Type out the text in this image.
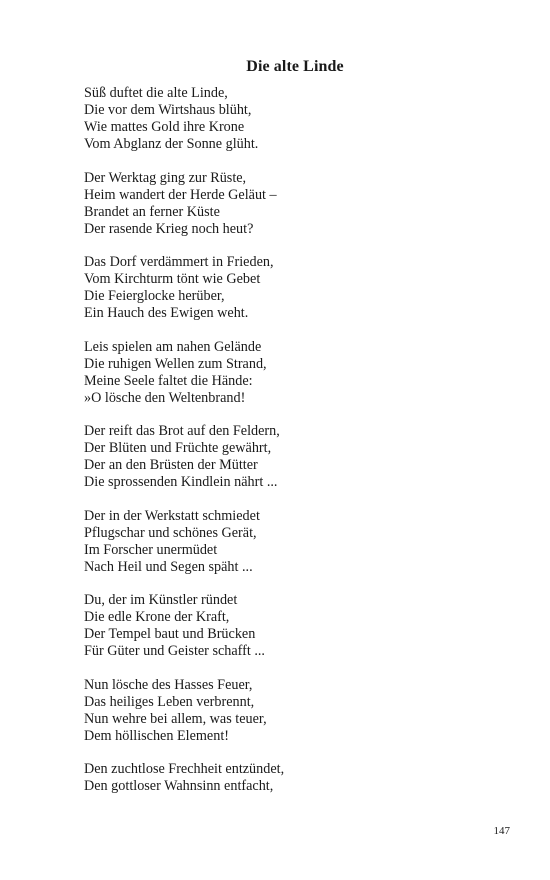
Die alte Linde
Süß duftet die alte Linde,
Die vor dem Wirtshaus blüht,
Wie mattes Gold ihre Krone
Vom Abglanz der Sonne glüht.
Der Werktag ging zur Rüste,
Heim wandert der Herde Geläut –
Brandet an ferner Küste
Der rasende Krieg noch heut?
Das Dorf verdämmert in Frieden,
Vom Kirchturm tönt wie Gebet
Die Feierglocke herüber,
Ein Hauch des Ewigen weht.
Leis spielen am nahen Gelände
Die ruhigen Wellen zum Strand,
Meine Seele faltet die Hände:
»O lösche den Weltenbrand!
Der reift das Brot auf den Feldern,
Der Blüten und Früchte gewährt,
Der an den Brüsten der Mütter
Die sprossenden Kindlein nährt ...
Der in der Werkstatt schmiedet
Pflugschar und schönes Gerät,
Im Forscher unermüdet
Nach Heil und Segen späht ...
Du, der im Künstler ründet
Die edle Krone der Kraft,
Der Tempel baut und Brücken
Für Güter und Geister schafft ...
Nun lösche des Hasses Feuer,
Das heiliges Leben verbrennt,
Nun wehre bei allem, was teuer,
Dem höllischen Element!
Den zuchtlose Frechheit entzündet,
Den gottloser Wahnsinn entfacht,
147
